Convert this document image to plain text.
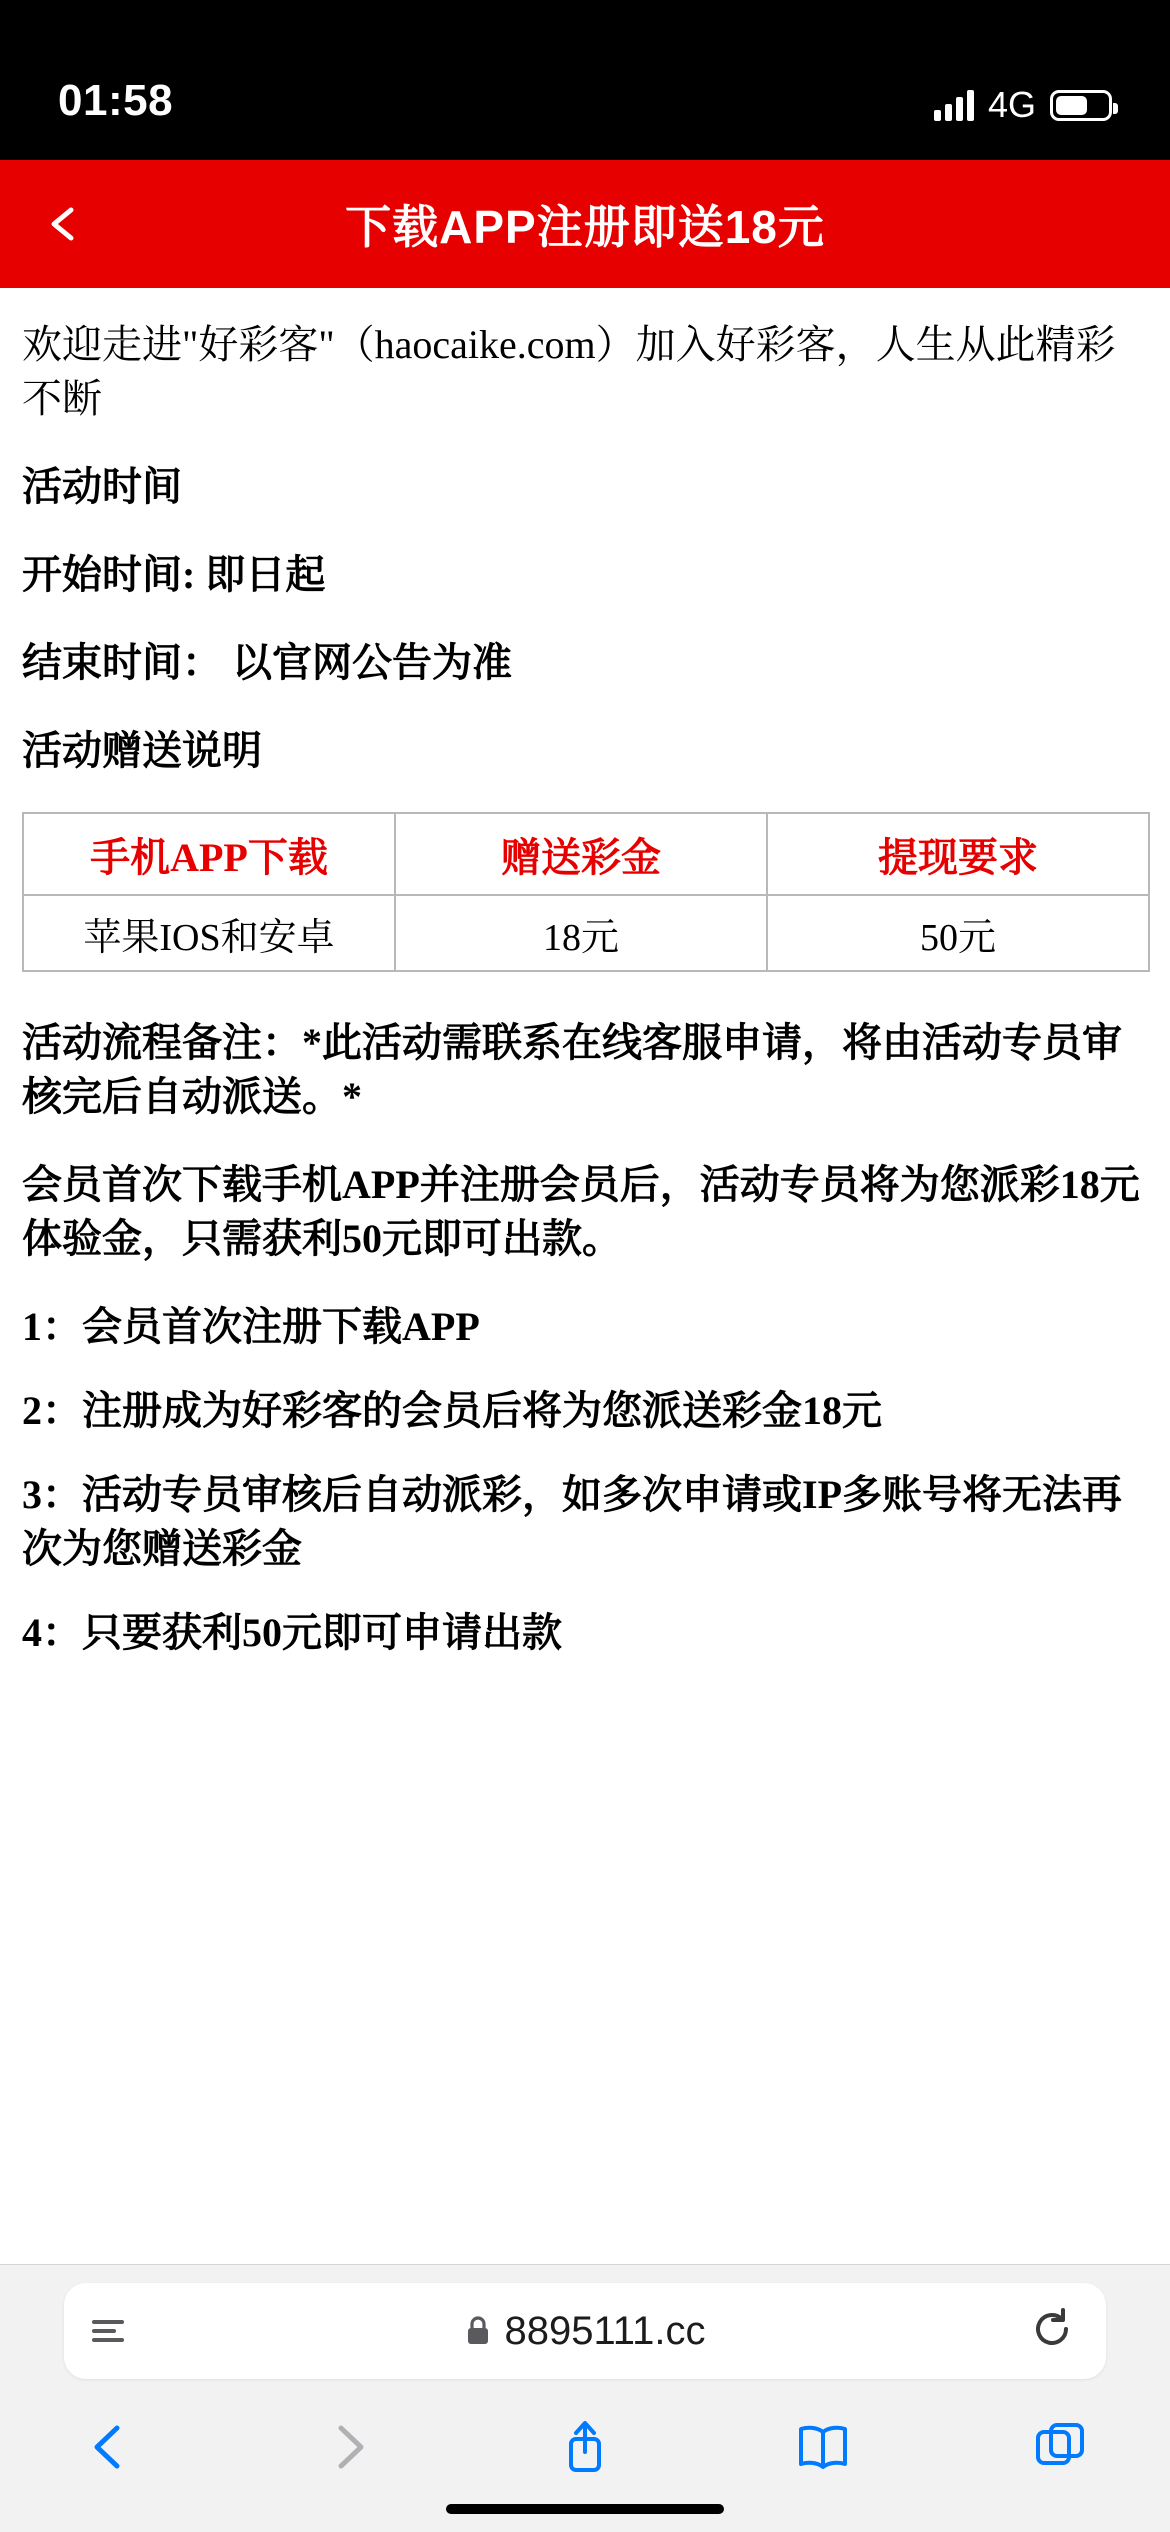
01:58	4G
下载APP注册即送18元
欢迎走进"好彩客"（haocaike.com）加入好彩客，人生从此精彩不断
活动时间
开始时间: 即日起
结束时间： 以官网公告为准
活动赠送说明
手机APP下载	赠送彩金	提现要求
苹果IOS和安卓	18元	50元
活动流程备注：*此活动需联系在线客服申请，将由活动专员审核完后自动派送。*
会员首次下载手机APP并注册会员后，活动专员将为您派彩18元体验金，只需获利50元即可出款。
1：会员首次注册下载APP
2：注册成为好彩客的会员后将为您派送彩金18元
3：活动专员审核后自动派彩，如多次申请或IP多账号将无法再次为您赠送彩金
4：只要获利50元即可申请出款
8895111.cc
